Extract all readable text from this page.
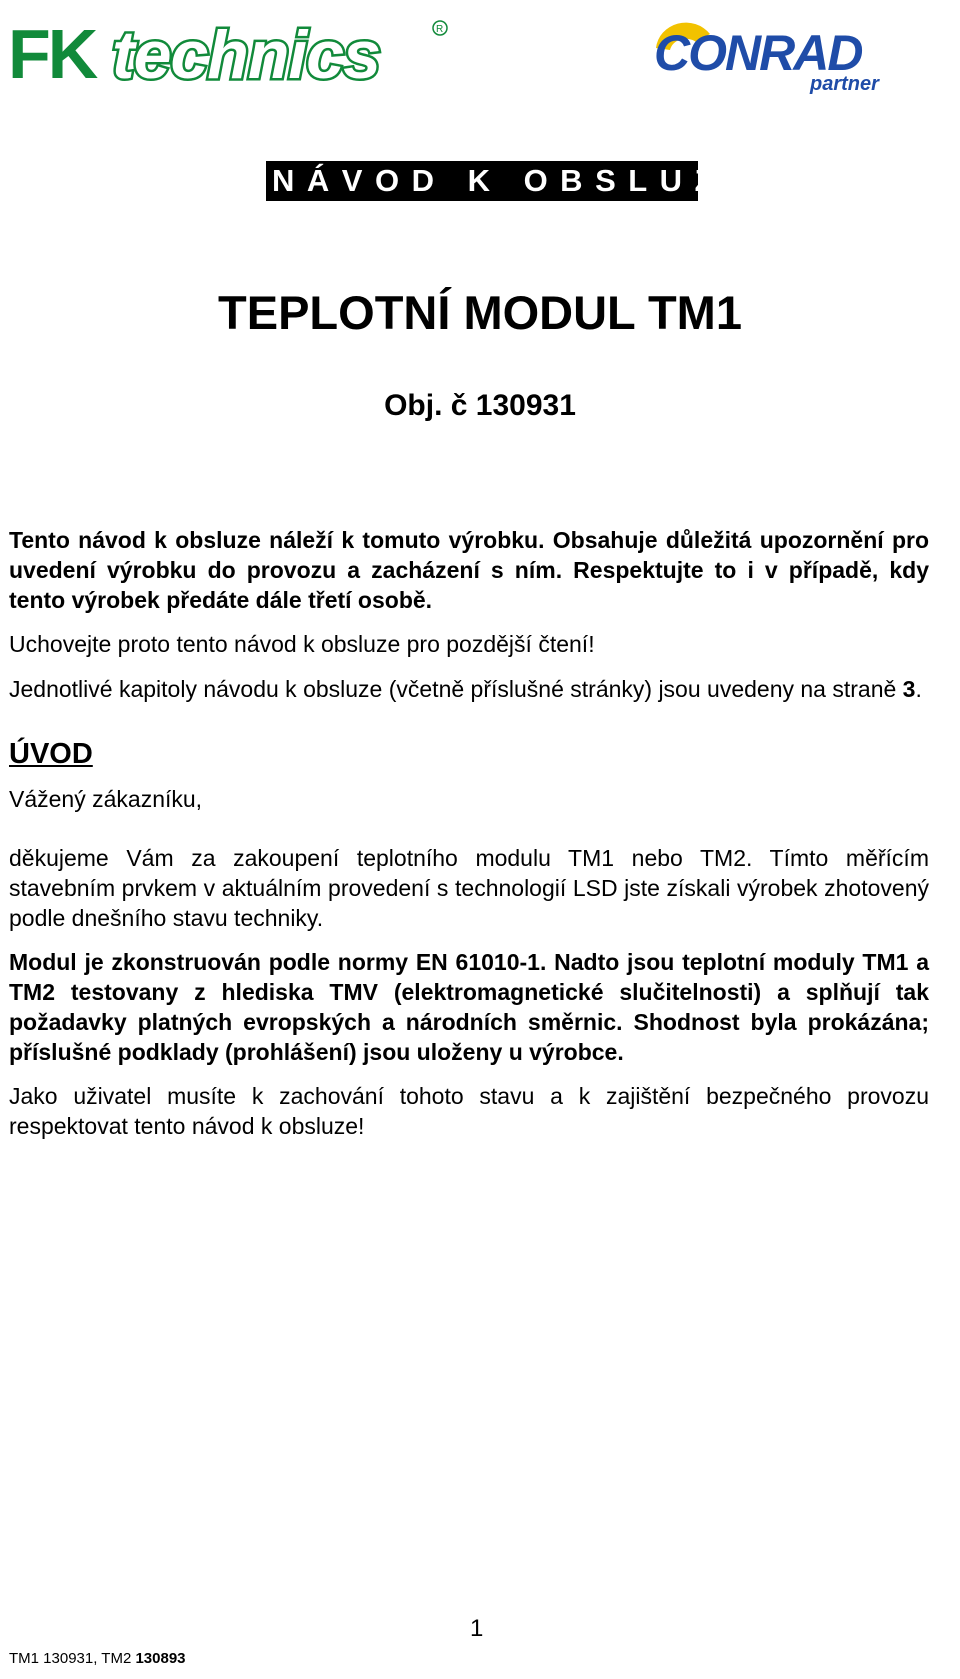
FK technics	R	CONRAD
partner
NÁVOD K OBSLUZE
TEPLOTNÍ MODUL TM1
Obj. č 130931

Tento návod k obsluze náleží k tomuto výrobku. Obsahuje důležitá upozornění pro uvedení výrobku do provozu a zacházení s ním. Respektujte to i v případě, kdy tento výrobek předáte dále třetí osobě.

Uchovejte proto tento návod k obsluze pro pozdější čtení!

Jednotlivé kapitoly návodu k obsluze (včetně příslušné stránky) jsou uvedeny na straně 3.

ÚVOD

Vážený zákazníku,

děkujeme Vám za zakoupení teplotního modulu TM1 nebo TM2. Tímto měřícím stavebním prvkem v aktuálním provedení s technologií LSD jste získali výrobek zhotovený podle dnešního stavu techniky.

Modul je zkonstruován podle normy EN 61010-1. Nadto jsou teplotní moduly TM1 a TM2 testovany z hlediska TMV (elektromagnetické slučitelnosti) a splňují tak požadavky platných evropských a národních směrnic. Shodnost byla prokázána; příslušné podklady (prohlášení) jsou uloženy u výrobce.

Jako uživatel musíte k zachování tohoto stavu a k zajištění bezpečného provozu respektovat tento návod k obsluze!

1
TM1 130931, TM2 130893
